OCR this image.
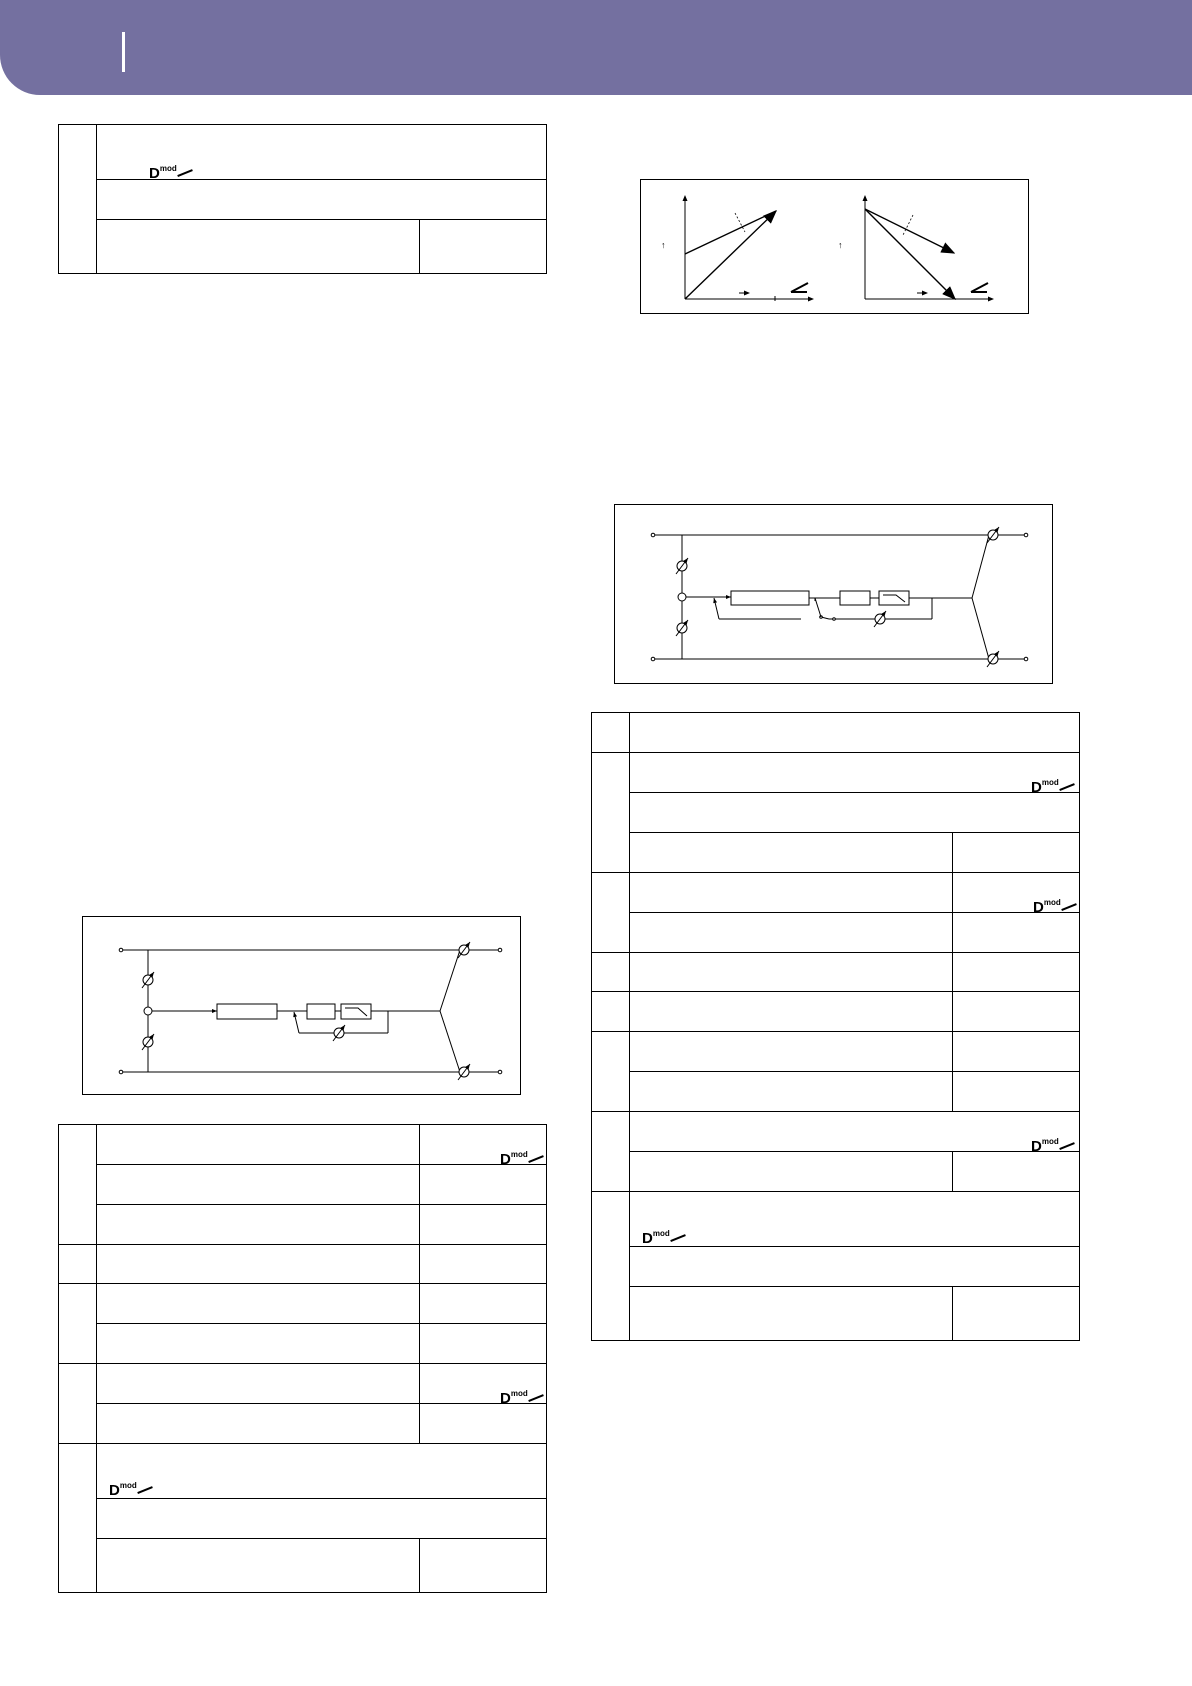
	$D^{mod}$

↑	↑

		$D^{mod}$

		$D^{mod}$

	$D^{mod}$

	$D^{mod}$

		$D^{mod}$

	$D^{mod}$

	$D^{mod}$
